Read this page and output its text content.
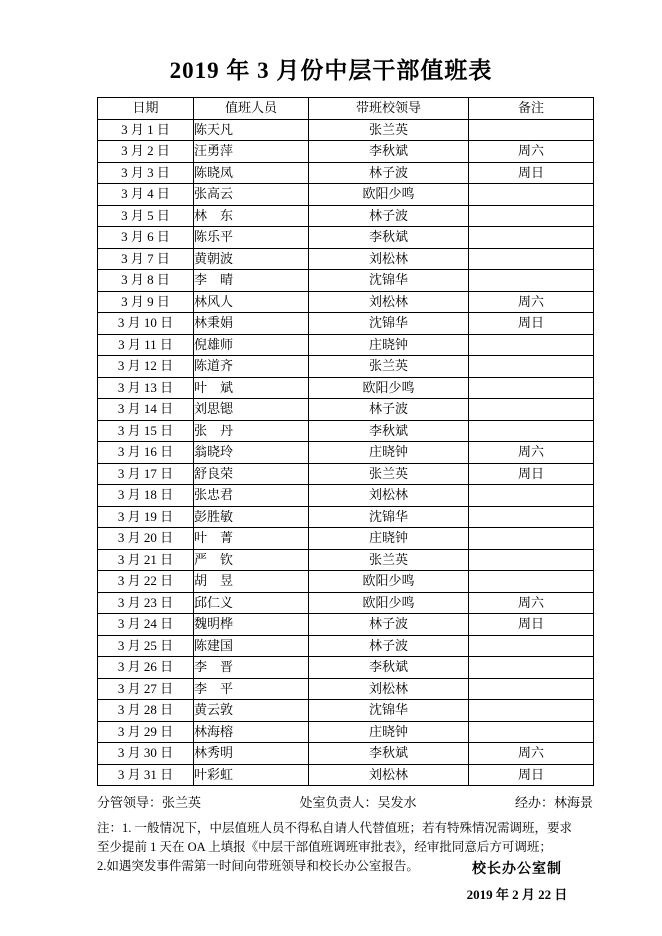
2019 年 3 月份中层干部值班表
日期	值班人员	带班校领导	备注
3 月 1 日	陈天凡	张兰英	
3 月 2 日	汪勇萍	李秋斌	周六
3 月 3 日	陈晓凤	林子波	周日
3 月 4 日	张高云	欧阳少鸣	
3 月 5 日	林　东	林子波	
3 月 6 日	陈乐平	李秋斌	
3 月 7 日	黄朝波	刘松林	
3 月 8 日	李　晴	沈锦华	
3 月 9 日	林风人	刘松林	周六
3 月 10 日	林秉娟	沈锦华	周日
3 月 11 日	倪雄师	庄晓钟	
3 月 12 日	陈道齐	张兰英	
3 月 13 日	叶　斌	欧阳少鸣	
3 月 14 日	刘思锶	林子波	
3 月 15 日	张　丹	李秋斌	
3 月 16 日	翁晓玲	庄晓钟	周六
3 月 17 日	舒良荣	张兰英	周日
3 月 18 日	张忠君	刘松林	
3 月 19 日	彭胜敏	沈锦华	
3 月 20 日	叶　菁	庄晓钟	
3 月 21 日	严　钦	张兰英	
3 月 22 日	胡　昱	欧阳少鸣	
3 月 23 日	邱仁义	欧阳少鸣	周六
3 月 24 日	魏明桦	林子波	周日
3 月 25 日	陈建国	林子波	
3 月 26 日	李　晋	李秋斌	
3 月 27 日	李　平	刘松林	
3 月 28 日	黄云敦	沈锦华	
3 月 29 日	林海榕	庄晓钟	
3 月 30 日	林秀明	李秋斌	周六
3 月 31 日	叶彩虹	刘松林	周日
分管领导：张兰英	处室负责人：吴发水	经办：林海景

注：1. 一般情况下，中层值班人员不得私自请人代替值班；若有特殊情况需调班，要求至少提前 1 天在 OA 上填报《中层干部值班调班审批表》，经审批同意后方可调班；

2.如遇突发事件需第一时间向带班领导和校长办公室报告。	校长办公室制
2019 年 2 月 22 日
